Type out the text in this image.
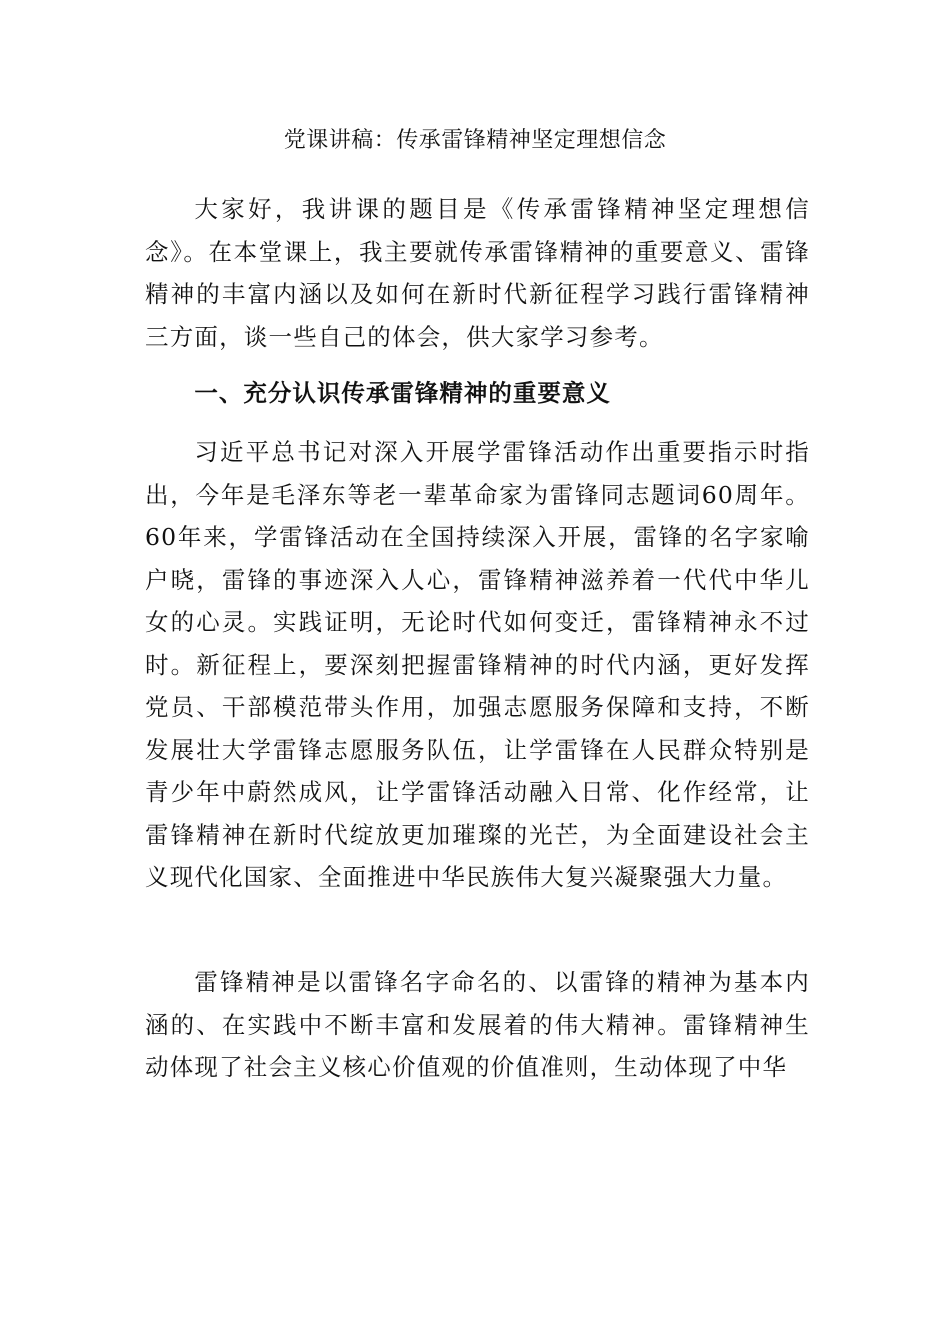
党课讲稿：传承雷锋精神坚定理想信念

大家好，我讲课的题目是《传承雷锋精神坚定理想信念》。在本堂课上，我主要就传承雷锋精神的重要意义、雷锋精神的丰富内涵以及如何在新时代新征程学习践行雷锋精神三方面，谈一些自己的体会，供大家学习参考。

一、充分认识传承雷锋精神的重要意义

习近平总书记对深入开展学雷锋活动作出重要指示时指出，今年是毛泽东等老一辈革命家为雷锋同志题词60周年。60年来，学雷锋活动在全国持续深入开展，雷锋的名字家喻户晓，雷锋的事迹深入人心，雷锋精神滋养着一代代中华儿女的心灵。实践证明，无论时代如何变迁，雷锋精神永不过时。新征程上，要深刻把握雷锋精神的时代内涵，更好发挥党员、干部模范带头作用，加强志愿服务保障和支持，不断发展壮大学雷锋志愿服务队伍，让学雷锋在人民群众特别是青少年中蔚然成风，让学雷锋活动融入日常、化作经常，让雷锋精神在新时代绽放更加璀璨的光芒，为全面建设社会主义现代化国家、全面推进中华民族伟大复兴凝聚强大力量。

雷锋精神是以雷锋名字命名的、以雷锋的精神为基本内涵的、在实践中不断丰富和发展着的伟大精神。雷锋精神生动体现了社会主义核心价值观的价值准则，生动体现了中华
